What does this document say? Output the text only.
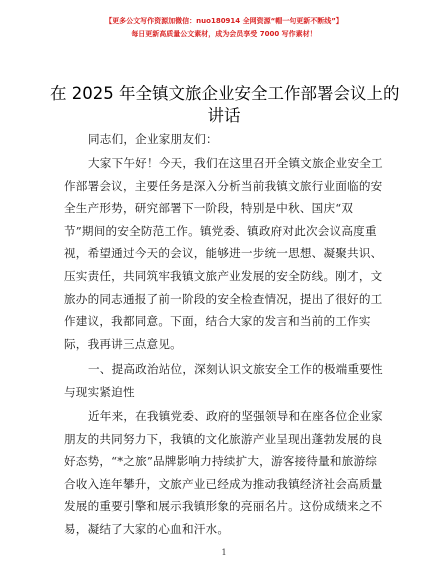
【更多公文写作资源加微信：nuo180914 全网资源“帽一句更新不断线”】
每日更新高质量公文素材，成为会员享受 7000 写作素材！
在 2025 年全镇文旅企业安全工作部署会议上的
讲话
同志们，企业家朋友们：
大家下午好！今天，我们在这里召开全镇文旅企业安全工
作部署会议，主要任务是深入分析当前我镇文旅行业面临的安
全生产形势，研究部署下一阶段，特别是中秋、国庆“双
节”期间的安全防范工作。镇党委、镇政府对此次会议高度重
视，希望通过今天的会议，能够进一步统一思想、凝聚共识、
压实责任，共同筑牢我镇文旅产业发展的安全防线。刚才，文
旅办的同志通报了前一阶段的安全检查情况，提出了很好的工
作建议，我都同意。下面，结合大家的发言和当前的工作实
际，我再讲三点意见。
一、提高政治站位，深刻认识文旅安全工作的极端重要性
与现实紧迫性
近年来，在我镇党委、政府的坚强领导和在座各位企业家
朋友的共同努力下，我镇的文化旅游产业呈现出蓬勃发展的良
好态势，“*之旅”品牌影响力持续扩大，游客接待量和旅游综
合收入连年攀升，文旅产业已经成为推动我镇经济社会高质量
发展的重要引擎和展示我镇形象的亮丽名片。这份成绩来之不
易，凝结了大家的心血和汗水。
1
